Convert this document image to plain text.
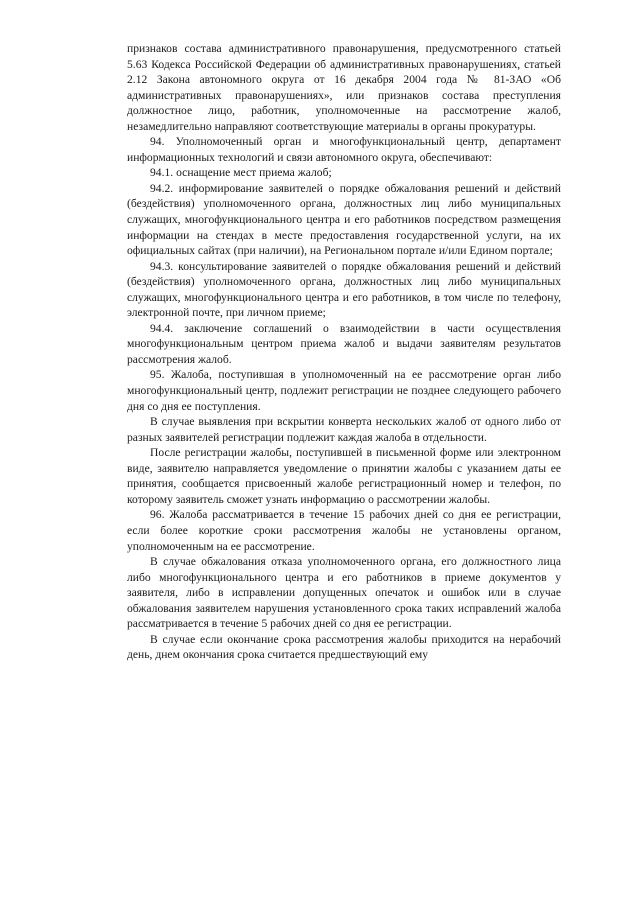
признаков состава административного правонарушения, предусмотренного статьей 5.63 Кодекса Российской Федерации об административных правонарушениях, статьей 2.12 Закона автономного округа от 16 декабря 2004 года № 81-ЗАО «Об административных правонарушениях», или признаков состава преступления должностное лицо, работник, уполномоченные на рассмотрение жалоб, незамедлительно направляют соответствующие материалы в органы прокуратуры.

94. Уполномоченный орган и многофункциональный центр, департамент информационных технологий и связи автономного округа, обеспечивают:

94.1. оснащение мест приема жалоб;

94.2. информирование заявителей о порядке обжалования решений и действий (бездействия) уполномоченного органа, должностных лиц либо муниципальных служащих, многофункционального центра и его работников посредством размещения информации на стендах в месте предоставления государственной услуги, на их официальных сайтах (при наличии), на Региональном портале и/или Едином портале;

94.3. консультирование заявителей о порядке обжалования решений и действий (бездействия) уполномоченного органа, должностных лиц либо муниципальных служащих, многофункционального центра и его работников, в том числе по телефону, электронной почте, при личном приеме;

94.4. заключение соглашений о взаимодействии в части осуществления многофункциональным центром приема жалоб и выдачи заявителям результатов рассмотрения жалоб.

95. Жалоба, поступившая в уполномоченный на ее рассмотрение орган либо многофункциональный центр, подлежит регистрации не позднее следующего рабочего дня со дня ее поступления.

В случае выявления при вскрытии конверта нескольких жалоб от одного либо от разных заявителей регистрации подлежит каждая жалоба в отдельности.

После регистрации жалобы, поступившей в письменной форме или электронном виде, заявителю направляется уведомление о принятии жалобы с указанием даты ее принятия, сообщается присвоенный жалобе регистрационный номер и телефон, по которому заявитель сможет узнать информацию о рассмотрении жалобы.

96. Жалоба рассматривается в течение 15 рабочих дней со дня ее регистрации, если более короткие сроки рассмотрения жалобы не установлены органом, уполномоченным на ее рассмотрение.

В случае обжалования отказа уполномоченного органа, его должностного лица либо многофункционального центра и его работников в приеме документов у заявителя, либо в исправлении допущенных опечаток и ошибок или в случае обжалования заявителем нарушения установленного срока таких исправлений жалоба рассматривается в течение 5 рабочих дней со дня ее регистрации.

В случае если окончание срока рассмотрения жалобы приходится на нерабочий день, днем окончания срока считается предшествующий ему
